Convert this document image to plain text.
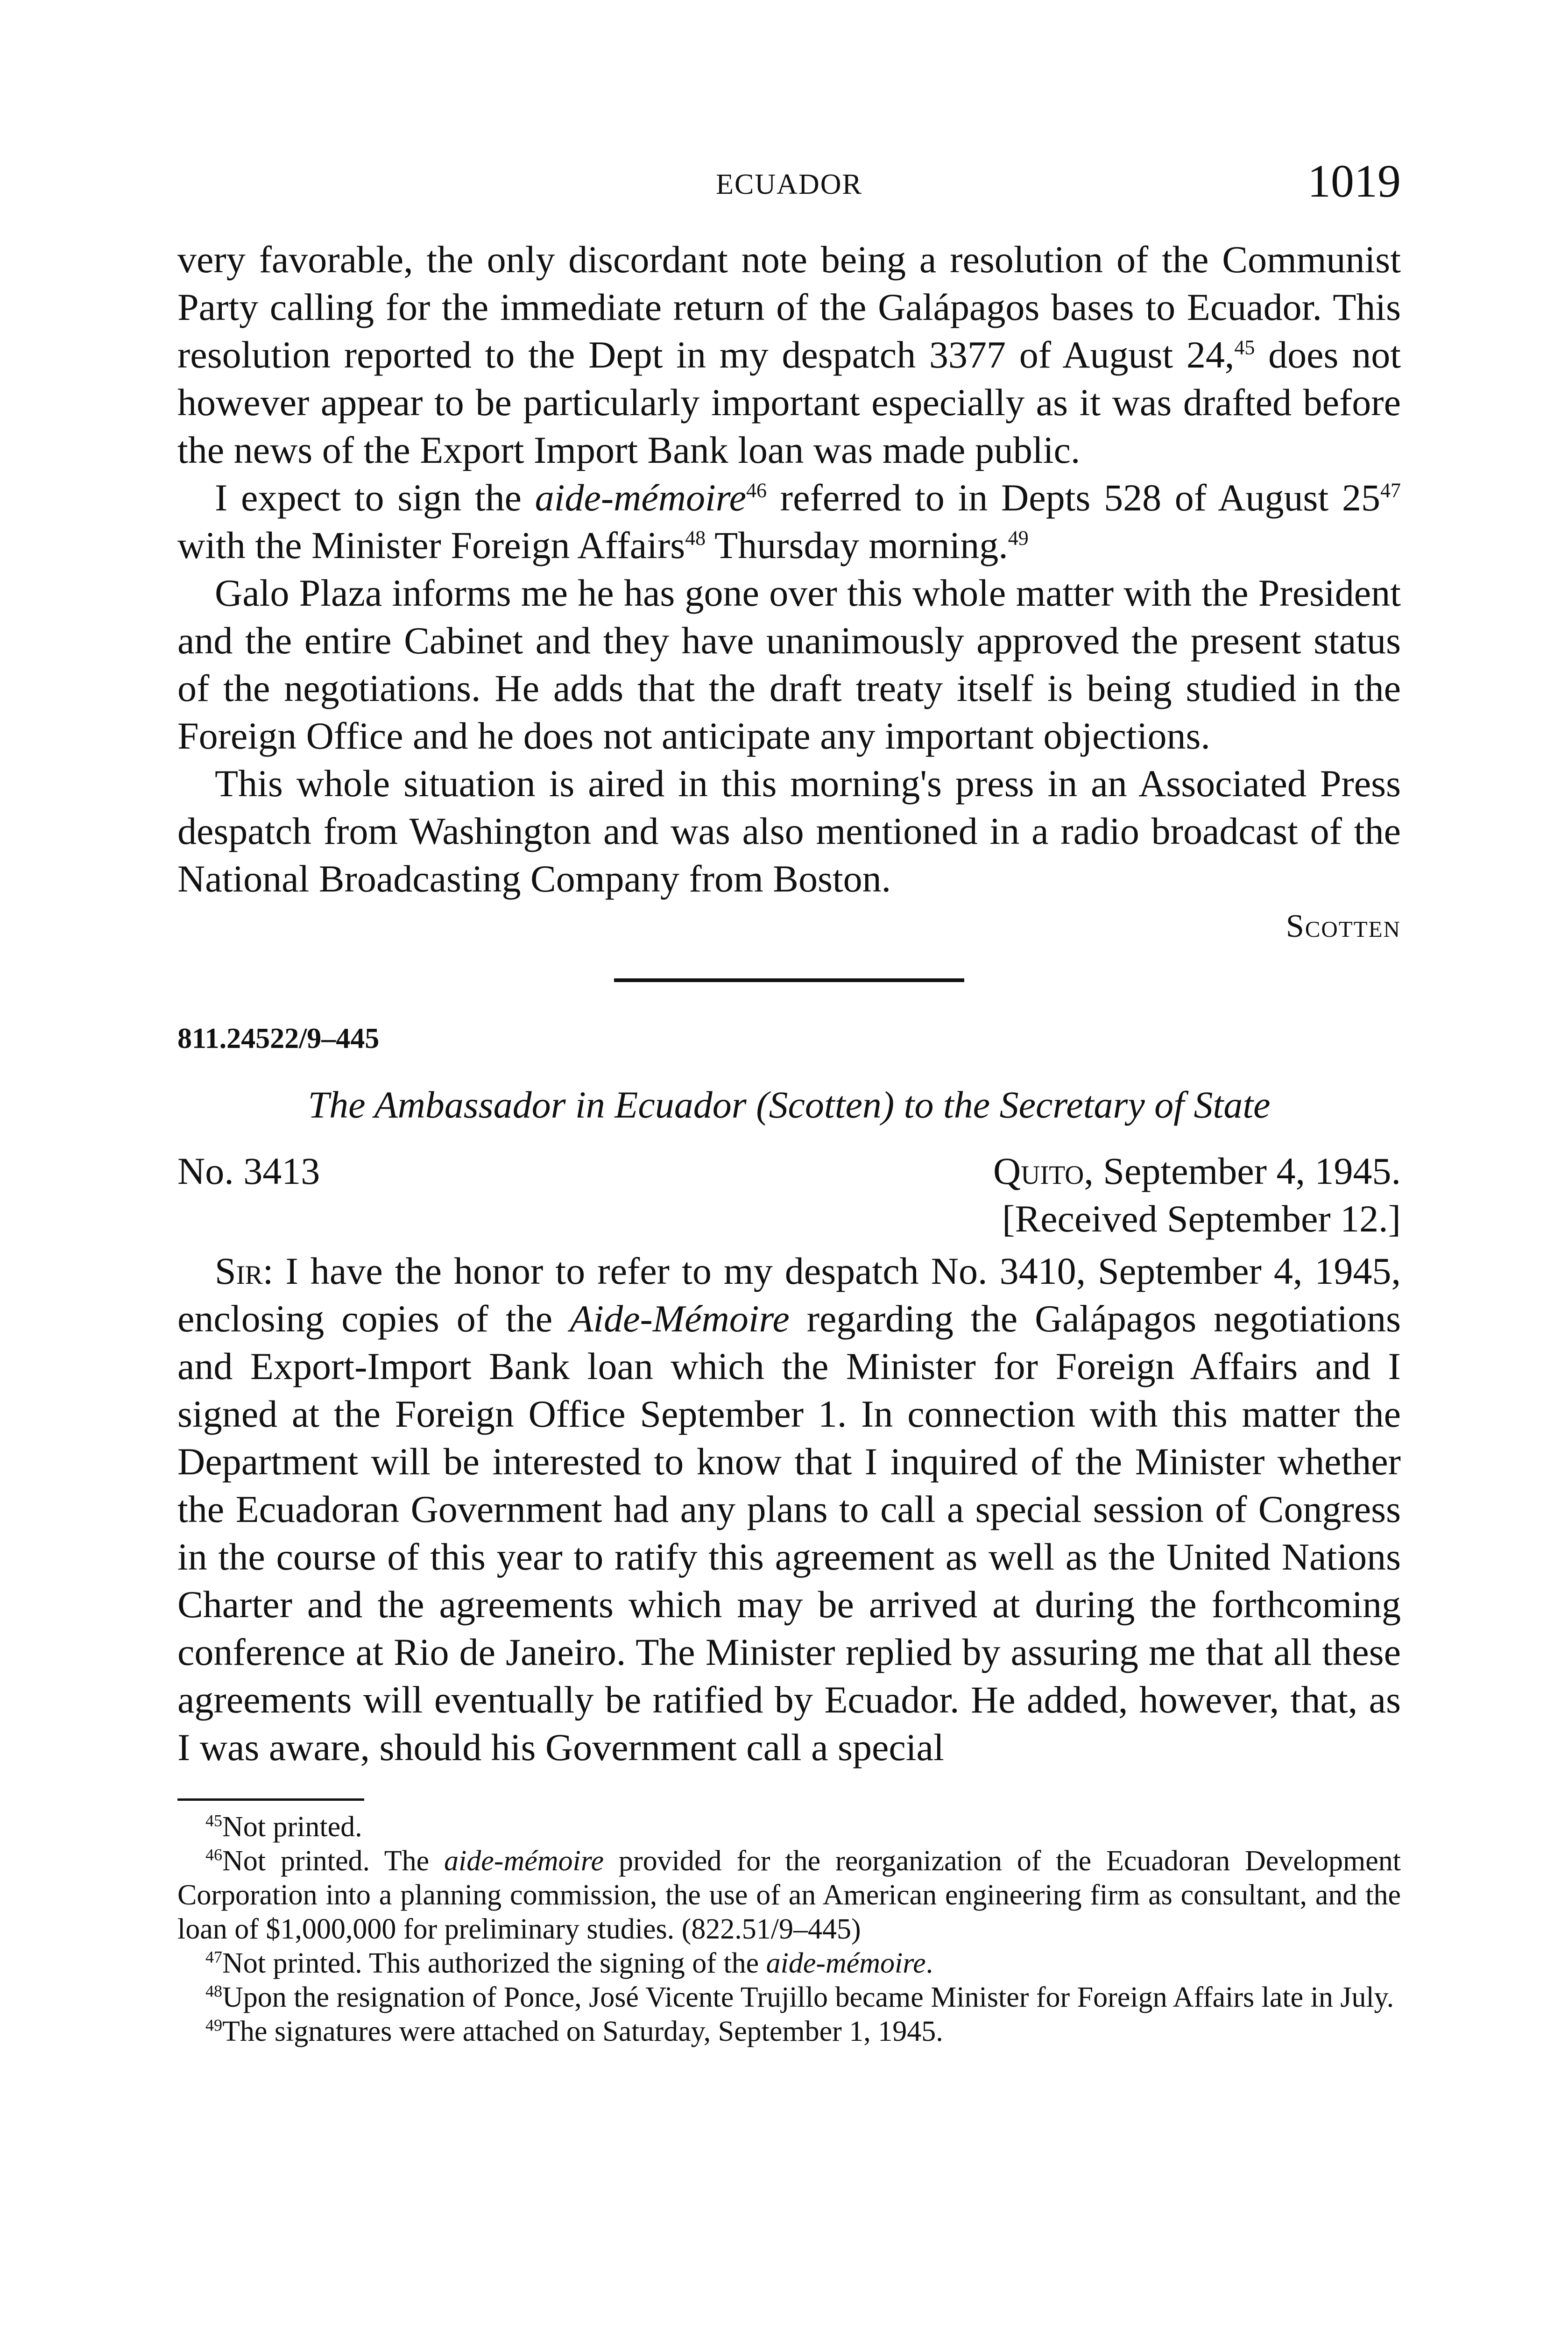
ECUADOR	1019

very favorable, the only discordant note being a resolution of the Communist Party calling for the immediate return of the Galápagos bases to Ecuador. This resolution reported to the Dept in my despatch 3377 of August 24,45 does not however appear to be particularly important especially as it was drafted before the news of the Export Import Bank loan was made public.

I expect to sign the aide-mémoire$^{46}$ referred to in Depts 528 of August $25^{47}$ with the Minister Foreign Affairs$^{48}$ Thursday morning.$^{49}$

Galo Plaza informs me he has gone over this whole matter with the President and the entire Cabinet and they have unanimously approved the present status of the negotiations. He adds that the draft treaty itself is being studied in the Foreign Office and he does not anticipate any important objections.

This whole situation is aired in this morning's press in an Associated Press despatch from Washington and was also mentioned in a radio broadcast of the National Broadcasting Company from Boston.

Scotten

811.24522/9–445

The Ambassador in Ecuador (Scotten) to the Secretary of State

No. 3413	Quito, September 4, 1945.

[Received September 12.]

Sir: I have the honor to refer to my despatch No. 3410, September 4, 1945, enclosing copies of the Aide-Mémoire regarding the Galápagos negotiations and Export-Import Bank loan which the Minister for Foreign Affairs and I signed at the Foreign Office September 1. In connection with this matter the Department will be interested to know that I inquired of the Minister whether the Ecuadoran Government had any plans to call a special session of Congress in the course of this year to ratify this agreement as well as the United Nations Charter and the agreements which may be arrived at during the forthcoming conference at Rio de Janeiro. The Minister replied by assuring me that all these agreements will eventually be ratified by Ecuador. He added, however, that, as I was aware, should his Government call a special

$^{45}$Not printed.

$^{46}$Not printed. The aide-mémoire provided for the reorganization of the Ecuadoran Development Corporation into a planning commission, the use of an American engineering firm as consultant, and the loan of $1,000,000 for preliminary studies. (822.51/9–445)

$^{47}$Not printed. This authorized the signing of the aide-mémoire.

$^{48}$Upon the resignation of Ponce, José Vicente Trujillo became Minister for Foreign Affairs late in July.

$^{49}$The signatures were attached on Saturday, September 1, 1945.
